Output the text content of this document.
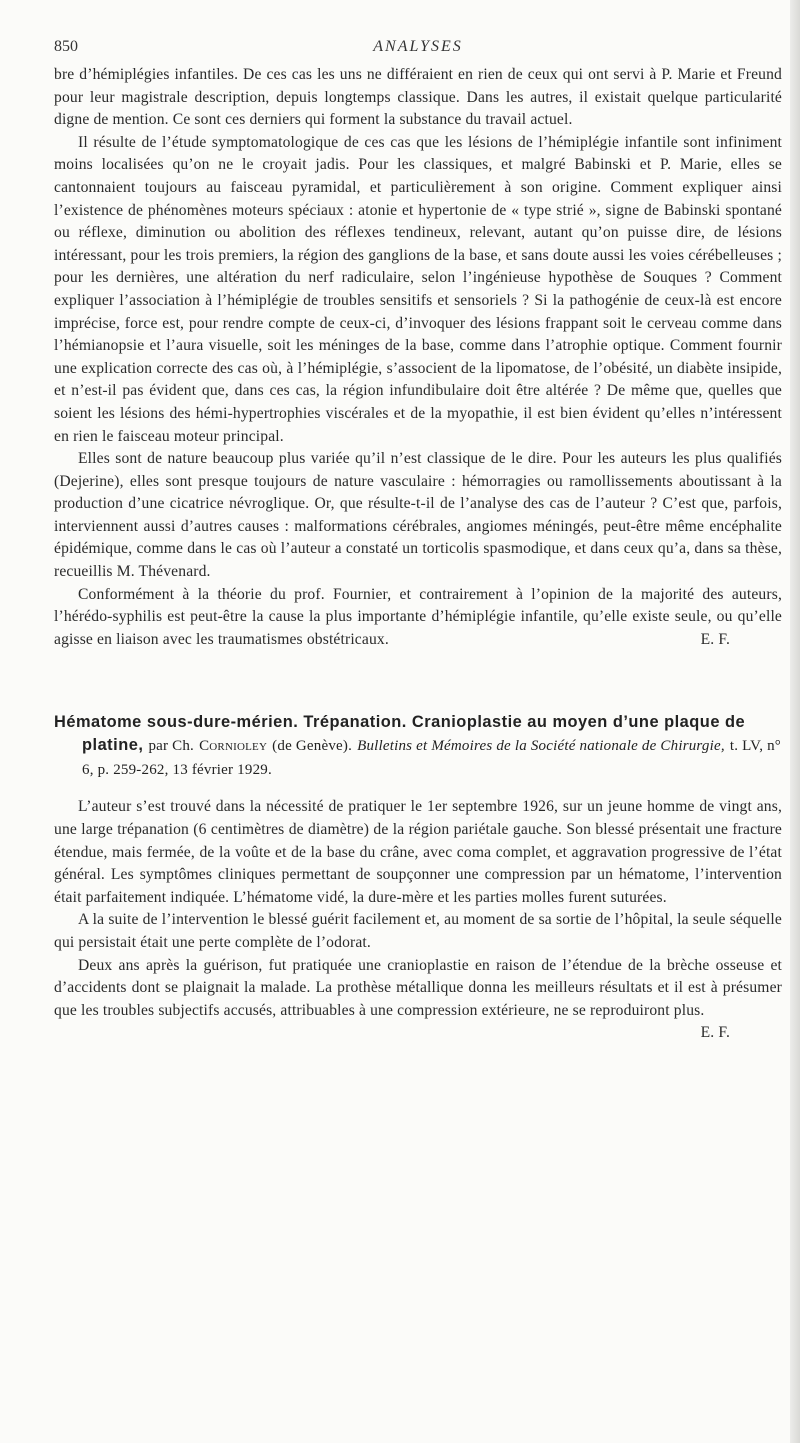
850	ANALYSES

bre d’hémiplégies infantiles. De ces cas les uns ne différaient en rien de ceux qui ont servi à P. Marie et Freund pour leur magistrale description, depuis longtemps classique. Dans les autres, il existait quelque particularité digne de mention. Ce sont ces derniers qui forment la substance du travail actuel.

Il résulte de l’étude symptomatologique de ces cas que les lésions de l’hémiplégie infantile sont infiniment moins localisées qu’on ne le croyait jadis. Pour les classiques, et malgré Babinski et P. Marie, elles se cantonnaient toujours au faisceau pyramidal, et particulièrement à son origine. Comment expliquer ainsi l’existence de phénomènes moteurs spéciaux : atonie et hypertonie de « type strié », signe de Babinski spontané ou réflexe, diminution ou abolition des réflexes tendineux, relevant, autant qu’on puisse dire, de lésions intéressant, pour les trois premiers, la région des ganglions de la base, et sans doute aussi les voies cérébelleuses ; pour les dernières, une altération du nerf radiculaire, selon l’ingénieuse hypothèse de Souques ? Comment expliquer l’association à l’hémiplégie de troubles sensitifs et sensoriels ? Si la pathogénie de ceux-là est encore imprécise, force est, pour rendre compte de ceux-ci, d’invoquer des lésions frappant soit le cerveau comme dans l’hémianopsie et l’aura visuelle, soit les méninges de la base, comme dans l’atrophie optique. Comment fournir une explication correcte des cas où, à l’hémiplégie, s’associent de la lipomatose, de l’obésité, un diabète insipide, et n’est-il pas évident que, dans ces cas, la région infundibulaire doit être altérée ? De même que, quelles que soient les lésions des hémi-hypertrophies viscérales et de la myopathie, il est bien évident qu’elles n’intéressent en rien le faisceau moteur principal.

Elles sont de nature beaucoup plus variée qu’il n’est classique de le dire. Pour les auteurs les plus qualifiés (Dejerine), elles sont presque toujours de nature vasculaire : hémorragies ou ramollissements aboutissant à la production d’une cicatrice névroglique. Or, que résulte-t-il de l’analyse des cas de l’auteur ? C’est que, parfois, interviennent aussi d’autres causes : malformations cérébrales, angiomes méningés, peut-être même encéphalite épidémique, comme dans le cas où l’auteur a constaté un torticolis spasmodique, et dans ceux qu’a, dans sa thèse, recueillis M. Thévenard.

Conformément à la théorie du prof. Fournier, et contrairement à l’opinion de la majorité des auteurs, l’hérédo-syphilis est peut-être la cause la plus importante d’hémiplégie infantile, qu’elle existe seule, ou qu’elle agisse en liaison avec les traumatismes obstétricaux.	E. F.

Hématome sous-dure-mérien. Trépanation. Cranioplastie au moyen d’une plaque de platine, par Ch. Cornioley (de Genève). Bulletins et Mémoires de la Société nationale de Chirurgie, t. LV, n° 6, p. 259-262, 13 février 1929.

L’auteur s’est trouvé dans la nécessité de pratiquer le 1er septembre 1926, sur un jeune homme de vingt ans, une large trépanation (6 centimètres de diamètre) de la région pariétale gauche. Son blessé présentait une fracture étendue, mais fermée, de la voûte et de la base du crâne, avec coma complet, et aggravation progressive de l’état général. Les symptômes cliniques permettant de soupçonner une compression par un hématome, l’intervention était parfaitement indiquée. L’hématome vidé, la dure-mère et les parties molles furent suturées.

A la suite de l’intervention le blessé guérit facilement et, au moment de sa sortie de l’hôpital, la seule séquelle qui persistait était une perte complète de l’odorat.

Deux ans après la guérison, fut pratiquée une cranioplastie en raison de l’étendue de la brèche osseuse et d’accidents dont se plaignait la malade. La prothèse métallique donna les meilleurs résultats et il est à présumer que les troubles subjectifs accusés, attribuables à une compression extérieure, ne se reproduiront plus.
E. F.
